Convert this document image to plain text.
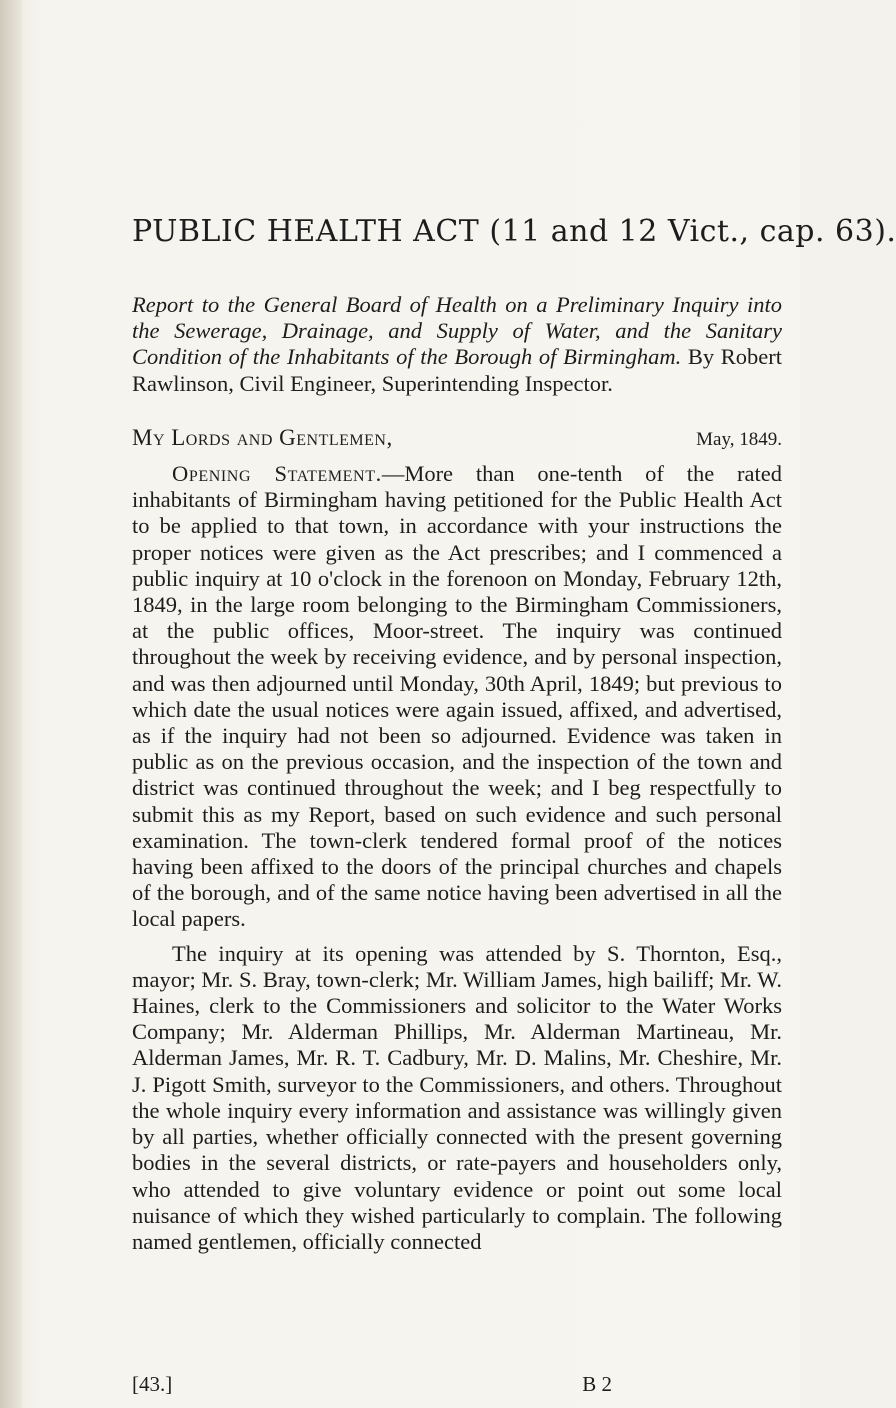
PUBLIC HEALTH ACT (11 and 12 Vict., cap. 63).

Report to the General Board of Health on a Preliminary Inquiry into the Sewerage, Drainage, and Supply of Water, and the Sanitary Condition of the Inhabitants of the Borough of Birmingham. By Robert Rawlinson, Civil Engineer, Superintending Inspector.

My Lords and Gentlemen,	May, 1849.

Opening Statement.—More than one-tenth of the rated inhabitants of Birmingham having petitioned for the Public Health Act to be applied to that town, in accordance with your instructions the proper notices were given as the Act prescribes; and I commenced a public inquiry at 10 o'clock in the forenoon on Monday, February 12th, 1849, in the large room belonging to the Birmingham Commissioners, at the public offices, Moor-street. The inquiry was continued throughout the week by receiving evidence, and by personal inspection, and was then adjourned until Monday, 30th April, 1849; but previous to which date the usual notices were again issued, affixed, and advertised, as if the inquiry had not been so adjourned. Evidence was taken in public as on the previous occasion, and the inspection of the town and district was continued throughout the week; and I beg respectfully to submit this as my Report, based on such evidence and such personal examination. The town-clerk tendered formal proof of the notices having been affixed to the doors of the principal churches and chapels of the borough, and of the same notice having been advertised in all the local papers.

The inquiry at its opening was attended by S. Thornton, Esq., mayor; Mr. S. Bray, town-clerk; Mr. William James, high bailiff; Mr. W. Haines, clerk to the Commissioners and solicitor to the Water Works Company; Mr. Alderman Phillips, Mr. Alderman Martineau, Mr. Alderman James, Mr. R. T. Cadbury, Mr. D. Malins, Mr. Cheshire, Mr. J. Pigott Smith, surveyor to the Commissioners, and others. Throughout the whole inquiry every information and assistance was willingly given by all parties, whether officially connected with the present governing bodies in the several districts, or rate-payers and householders only, who attended to give voluntary evidence or point out some local nuisance of which they wished particularly to complain. The following named gentlemen, officially connected

[43.]	B 2
